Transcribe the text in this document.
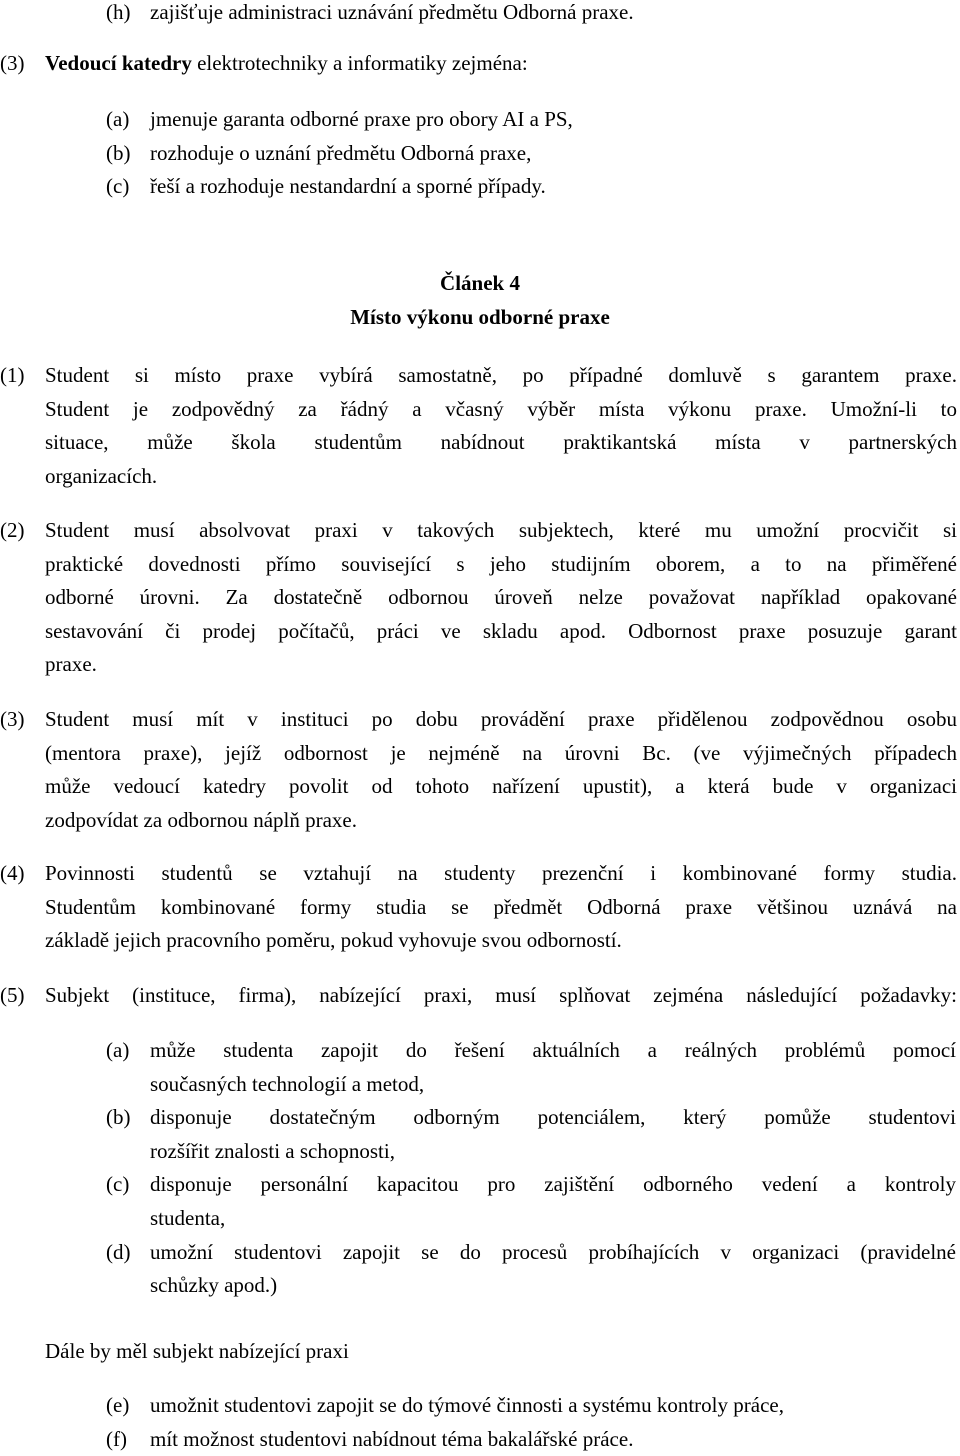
(h) zajišťuje administraci uznávání předmětu Odborná praxe.
(3) Vedoucí katedry elektrotechniky a informatiky zejména:
(a) jmenuje garanta odborné praxe pro obory AI a PS,
(b) rozhoduje o uznání předmětu Odborná praxe,
(c) řeší a rozhoduje nestandardní a sporné případy.
Článek 4
Místo výkonu odborné praxe
(1) Student si místo praxe vybírá samostatně, po případné domluvě s garantem praxe.
Student je zodpovědný za řádný a včasný výběr místa výkonu praxe. Umožní-li to
situace, může škola studentům nabídnout praktikantská místa v partnerských
organizacích.
(2) Student musí absolvovat praxi v takových subjektech, které mu umožní procvičit si
praktické dovednosti přímo související s jeho studijním oborem, a to na přiměřené
odborné úrovni. Za dostatečně odbornou úroveň nelze považovat například opakované
sestavování či prodej počítačů, práci ve skladu apod. Odbornost praxe posuzuje garant
praxe.
(3) Student musí mít v instituci po dobu provádění praxe přidělenou zodpovědnou osobu
(mentora praxe), jejíž odbornost je nejméně na úrovni Bc. (ve výjimečných případech
může vedoucí katedry povolit od tohoto nařízení upustit), a která bude v organizaci
zodpovídat za odbornou náplň praxe.
(4) Povinnosti studentů se vztahují na studenty prezenční i kombinované formy studia.
Studentům kombinované formy studia se předmět Odborná praxe většinou uznává na
základě jejich pracovního poměru, pokud vyhovuje svou odborností.
(5) Subjekt (instituce, firma), nabízející praxi, musí splňovat zejména následující požadavky:
(a) může studenta zapojit do řešení aktuálních a reálných problémů pomocí
současných technologií a metod,
(b) disponuje dostatečným odborným potenciálem, který pomůže studentovi
rozšířit znalosti a schopnosti,
(c) disponuje personální kapacitou pro zajištění odborného vedení a kontroly
studenta,
(d) umožní studentovi zapojit se do procesů probíhajících v organizaci (pravidelné
schůzky apod.)
Dále by měl subjekt nabízející praxi
(e) umožnit studentovi zapojit se do týmové činnosti a systému kontroly práce,
(f) mít možnost studentovi nabídnout téma bakalářské práce.
